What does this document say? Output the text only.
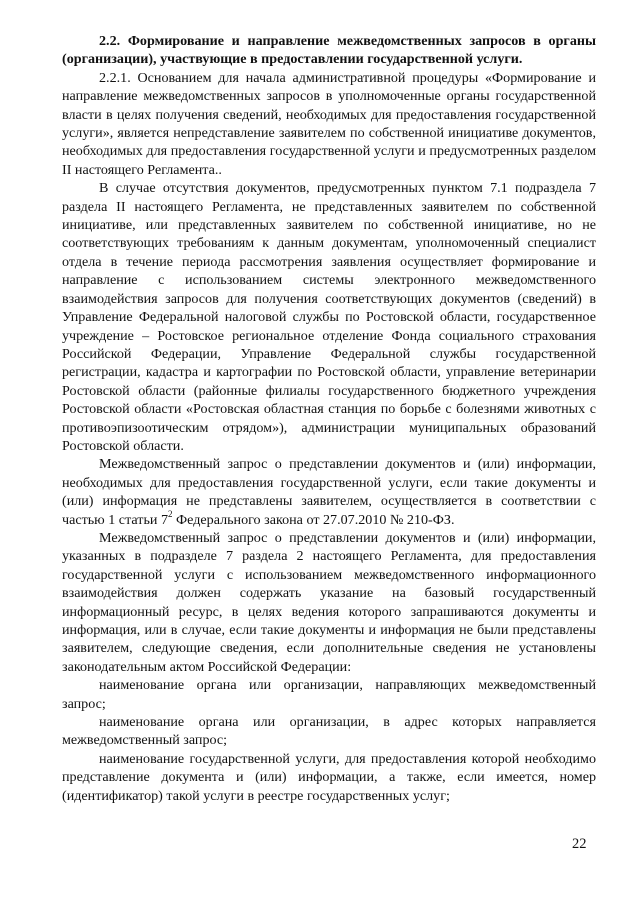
2.2. Формирование и направление межведомственных запросов в органы (организации), участвующие в предоставлении государственной услуги.

2.2.1. Основанием для начала административной процедуры «Формирование и направление межведомственных запросов в уполномоченные органы государственной власти в целях получения сведений, необходимых для предоставления государственной услуги», является непредставление заявителем по собственной инициативе документов, необходимых для предоставления государственной услуги и предусмотренных разделом II настоящего Регламента..

В случае отсутствия документов, предусмотренных пунктом 7.1 подраздела 7 раздела II настоящего Регламента, не представленных заявителем по собственной инициативе, или представленных заявителем по собственной инициативе, но не соответствующих требованиям к данным документам, уполномоченный специалист отдела в течение периода рассмотрения заявления осуществляет формирование и направление с использованием системы электронного межведомственного взаимодействия запросов для получения соответствующих документов (сведений) в Управление Федеральной налоговой службы по Ростовской области, государственное учреждение – Ростовское региональное отделение Фонда социального страхования Российской Федерации, Управление Федеральной службы государственной регистрации, кадастра и картографии по Ростовской области, управление ветеринарии Ростовской области (районные филиалы государственного бюджетного учреждения Ростовской области «Ростовская областная станция по борьбе с болезнями животных с противоэпизоотическим отрядом»), администрации муниципальных образований Ростовской области.

Межведомственный запрос о представлении документов и (или) информации, необходимых для предоставления государственной услуги, если такие документы и (или) информация не представлены заявителем, осуществляется в соответствии с частью 1 статьи $7^2$ Федерального закона от 27.07.2010 № 210-ФЗ.

Межведомственный запрос о представлении документов и (или) информации, указанных в подразделе 7 раздела 2 настоящего Регламента, для предоставления государственной услуги с использованием межведомственного информационного взаимодействия должен содержать указание на базовый государственный информационный ресурс, в целях ведения которого запрашиваются документы и информация, или в случае, если такие документы и информация не были представлены заявителем, следующие сведения, если дополнительные сведения не установлены законодательным актом Российской Федерации:

наименование органа или организации, направляющих межведомственный запрос;

наименование органа или организации, в адрес которых направляется межведомственный запрос;

наименование государственной услуги, для предоставления которой необходимо представление документа и (или) информации, а также, если имеется, номер (идентификатор) такой услуги в реестре государственных услуг;

22
